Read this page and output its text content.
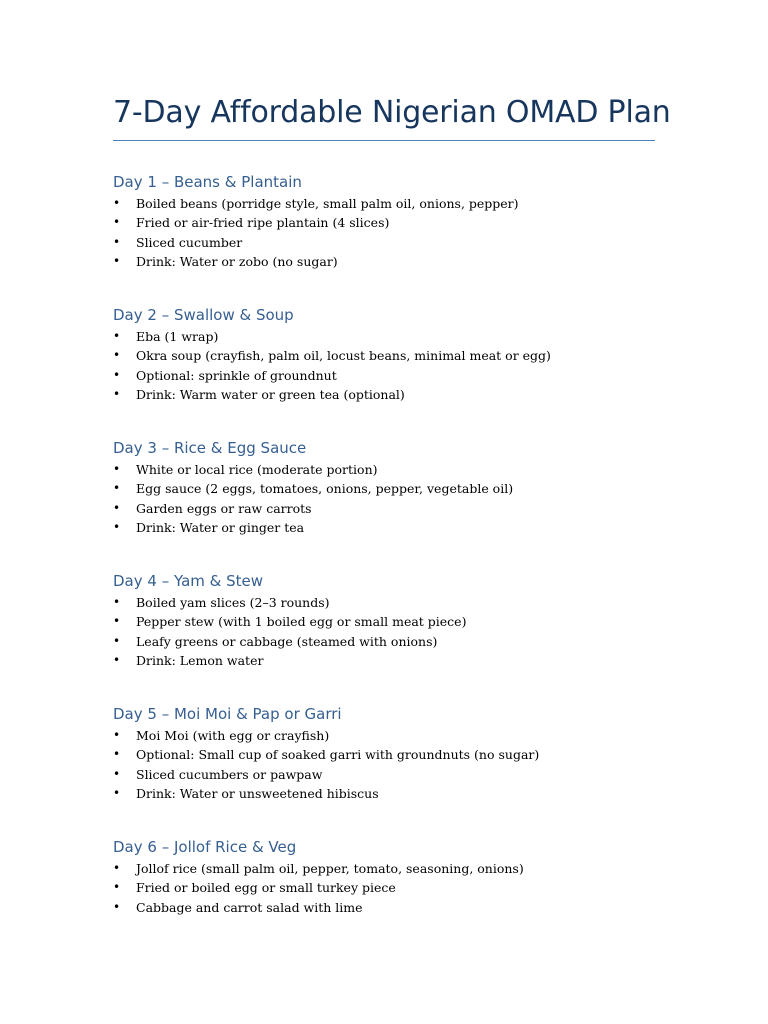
7-Day Affordable Nigerian OMAD Plan
Day 1 – Beans & Plantain
• Boiled beans (porridge style, small palm oil, onions, pepper)
• Fried or air-fried ripe plantain (4 slices)
• Sliced cucumber
• Drink: Water or zobo (no sugar)
Day 2 – Swallow & Soup
• Eba (1 wrap)
• Okra soup (crayfish, palm oil, locust beans, minimal meat or egg)
• Optional: sprinkle of groundnut
• Drink: Warm water or green tea (optional)
Day 3 – Rice & Egg Sauce
• White or local rice (moderate portion)
• Egg sauce (2 eggs, tomatoes, onions, pepper, vegetable oil)
• Garden eggs or raw carrots
• Drink: Water or ginger tea
Day 4 – Yam & Stew
• Boiled yam slices (2–3 rounds)
• Pepper stew (with 1 boiled egg or small meat piece)
• Leafy greens or cabbage (steamed with onions)
• Drink: Lemon water
Day 5 – Moi Moi & Pap or Garri
• Moi Moi (with egg or crayfish)
• Optional: Small cup of soaked garri with groundnuts (no sugar)
• Sliced cucumbers or pawpaw
• Drink: Water or unsweetened hibiscus
Day 6 – Jollof Rice & Veg
• Jollof rice (small palm oil, pepper, tomato, seasoning, onions)
• Fried or boiled egg or small turkey piece
• Cabbage and carrot salad with lime
